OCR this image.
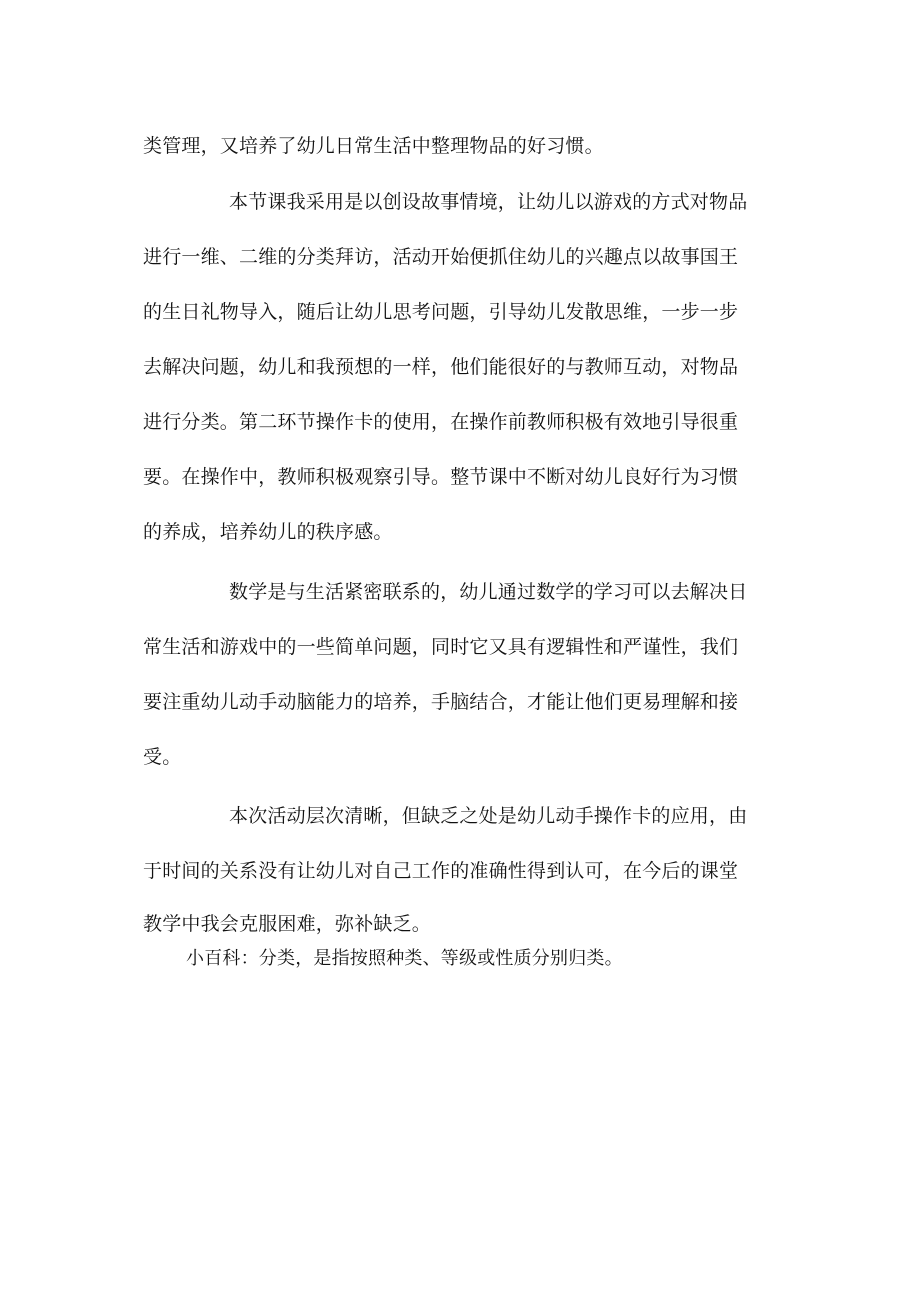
类管理，又培养了幼儿日常生活中整理物品的好习惯。
本节课我采用是以创设故事情境，让幼儿以游戏的方式对物品
进行一维、二维的分类拜访，活动开始便抓住幼儿的兴趣点以故事国王
的生日礼物导入，随后让幼儿思考问题，引导幼儿发散思维，一步一步
去解决问题，幼儿和我预想的一样，他们能很好的与教师互动，对物品
进行分类。第二环节操作卡的使用，在操作前教师积极有效地引导很重
要。在操作中，教师积极观察引导。整节课中不断对幼儿良好行为习惯
的养成，培养幼儿的秩序感。
数学是与生活紧密联系的，幼儿通过数学的学习可以去解决日
常生活和游戏中的一些简单问题，同时它又具有逻辑性和严谨性，我们
要注重幼儿动手动脑能力的培养，手脑结合，才能让他们更易理解和接
受。
本次活动层次清晰，但缺乏之处是幼儿动手操作卡的应用，由
于时间的关系没有让幼儿对自己工作的准确性得到认可，在今后的课堂
教学中我会克服困难，弥补缺乏。
小百科：分类，是指按照种类、等级或性质分别归类。
